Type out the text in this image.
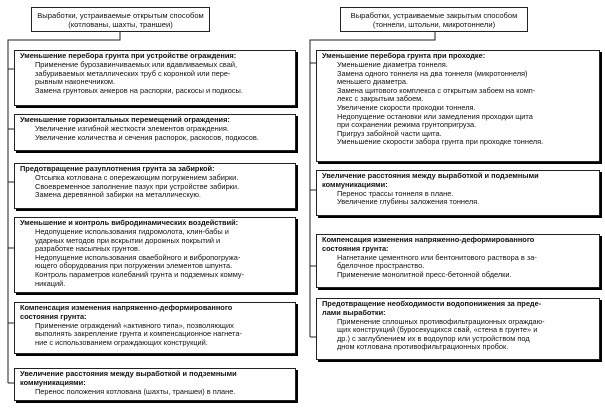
Выработки, устраиваемые открытым способом
(котлованы, шахты, траншеи)
Выработки, устраиваемые закрытым способом
(тоннели, штольни, микротоннели)
Уменьшение перебора грунта при устройстве ограждения:
Применение бурозавинчиваемых или вдавливаемых свай,
забуриваемых металлических труб с коронкой или пере-
рывным наконечником.
Замена грунтовых анкеров на распорки, раскосы и подкосы.
Уменьшение горизонтальных перемещений ограждения:
Увеличение изгибной жесткости элементов ограждения.
Увеличение количества и сечения распорок, раскосов, подкосов.
Предотвращение разуплотнения грунта за забиркой:
Отсыпка котлована с опережающим погружением забирки.
Своевременное заполнение пазух при устройстве забирки.
Замена деревянной забирки на металлическую.
Уменьшение и контроль вибродинамических воздействий:
Недопущение использования гидромолота, клин-бабы и
ударных методов при вскрытии дорожных покрытий и
разработке насыпных грунтов.
Недопущение использования сваебойного и вибропогружа-
ющего оборудования при погружении элементов шпунта.
Контроль параметров колебаний грунта и подземных комму-
никаций.
Компенсация изменения напряженно-деформированного
состояния грунта:
Применение ограждений «активного типа», позволяющих
выполнять закрепление грунта и компенсационное нагнета-
ние с использованием ограждающих конструкций.
Увеличение расстояния между выработкой и подземными
коммуникациями:
Перенос положения котлована (шахты, траншеи) в плане.
Уменьшение перебора грунта при проходке:
Уменьшение диаметра тоннеля.
Замена одного тоннеля на два тоннеля (микротоннеля)
меньшего диаметра.
Замена щитового комплекса с открытым забоем на комп-
лекс с закрытым забоем.
Увеличение скорости проходки тоннеля.
Недопущение остановки или замедления проходки щита
при сохранении режима грунтопригруза.
Пригруз забойной части щита.
Уменьшение скорости забора грунта при проходке тоннеля.
Увеличение расстояния между выработкой и подземными
коммуникациями:
Перенос трассы тоннеля в плане.
Увеличение глубины заложения тоннеля.
Компенсация изменения напряженно-деформированного
состояния грунта:
Нагнетание цементного или бентонитового раствора в за-
бделочное пространство.
Применение монолитной пресс-бетонной обделки.
Предотвращение необходимости водопонижения за преде-
лами выработки:
Применение сплошных противофильтрационных ограждаю-
щих конструкций (буросекущихся свай, «стена в грунте» и
др.) с заглублением их в водоупор или устройством под
дном котлована противофильтрационных пробок.
